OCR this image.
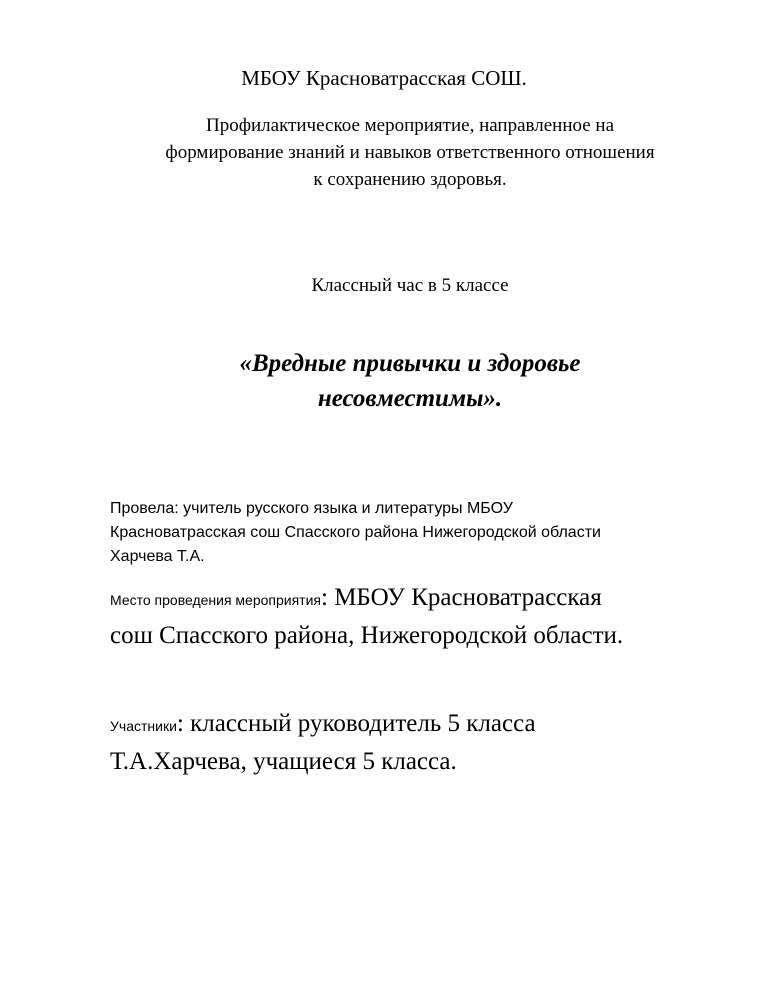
МБОУ Красноватрасская СОШ.
Профилактическое мероприятие, направленное на
формирование знаний и навыков ответственного отношения
к сохранению здоровья.
Классный час в 5 классе
«Вредные привычки и здоровье
несовместимы».
Провела: учитель русского языка и литературы МБОУ
Красноватрасская сош Спасского района Нижегородской области
Харчева Т.А.
Место проведения мероприятия: МБОУ Красноватрасская
сош Спасского района, Нижегородской области.
Участники: классный руководитель 5 класса
Т.А.Харчева, учащиеся 5 класса.
